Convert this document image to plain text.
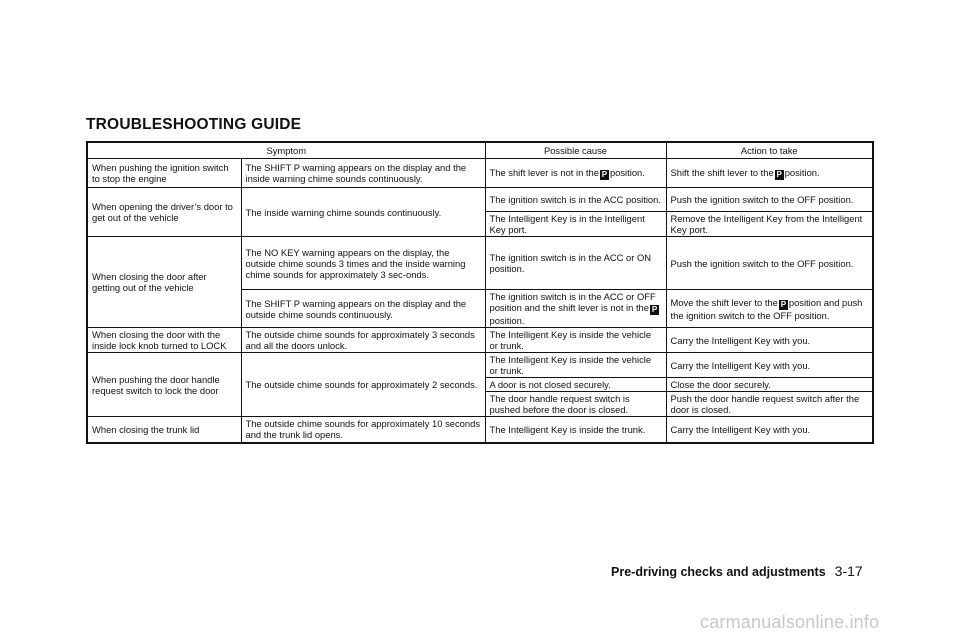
TROUBLESHOOTING GUIDE
Symptom		Possible cause	Action to take
When pushing the ignition switch to stop the engine	The SHIFT P warning appears on the display and the inside warning chime sounds continuously.	The shift lever is not in the P position.	Shift the shift lever to the P position.
When opening the driver’s door to get out of the vehicle	The inside warning chime sounds continuously.	The ignition switch is in the ACC position.	Push the ignition switch to the OFF position.
		The Intelligent Key is in the Intelligent Key port.	Remove the Intelligent Key from the Intelligent Key port.
When closing the door after getting out of the vehicle	The NO KEY warning appears on the display, the outside chime sounds 3 times and the inside warning chime sounds for approximately 3 sec-onds.	The ignition switch is in the ACC or ON position.	Push the ignition switch to the OFF position.
	The SHIFT P warning appears on the display and the outside chime sounds continuously.	The ignition switch is in the ACC or OFF position and the shift lever is not in the Pposition.	Move the shift lever to the P position and push the ignition switch to the OFF position.
When closing the door with the inside lock knob turned to LOCK	The outside chime sounds for approximately 3 seconds and all the doors unlock.	The Intelligent Key is inside the vehicle or trunk.	Carry the Intelligent Key with you.
When pushing the door handle request switch to lock the door	The outside chime sounds for approximately 2 seconds.	The Intelligent Key is inside the vehicle or trunk.	Carry the Intelligent Key with you.
		A door is not closed securely.	Close the door securely.
		The door handle request switch is pushed before the door is closed.	Push the door handle request switch after the door is closed.
When closing the trunk lid	The outside chime sounds for approximately 10 seconds and the trunk lid opens.	The Intelligent Key is inside the trunk.	Carry the Intelligent Key with you.
Pre-driving checks and adjustments 3-17
carmanualsonline.info
